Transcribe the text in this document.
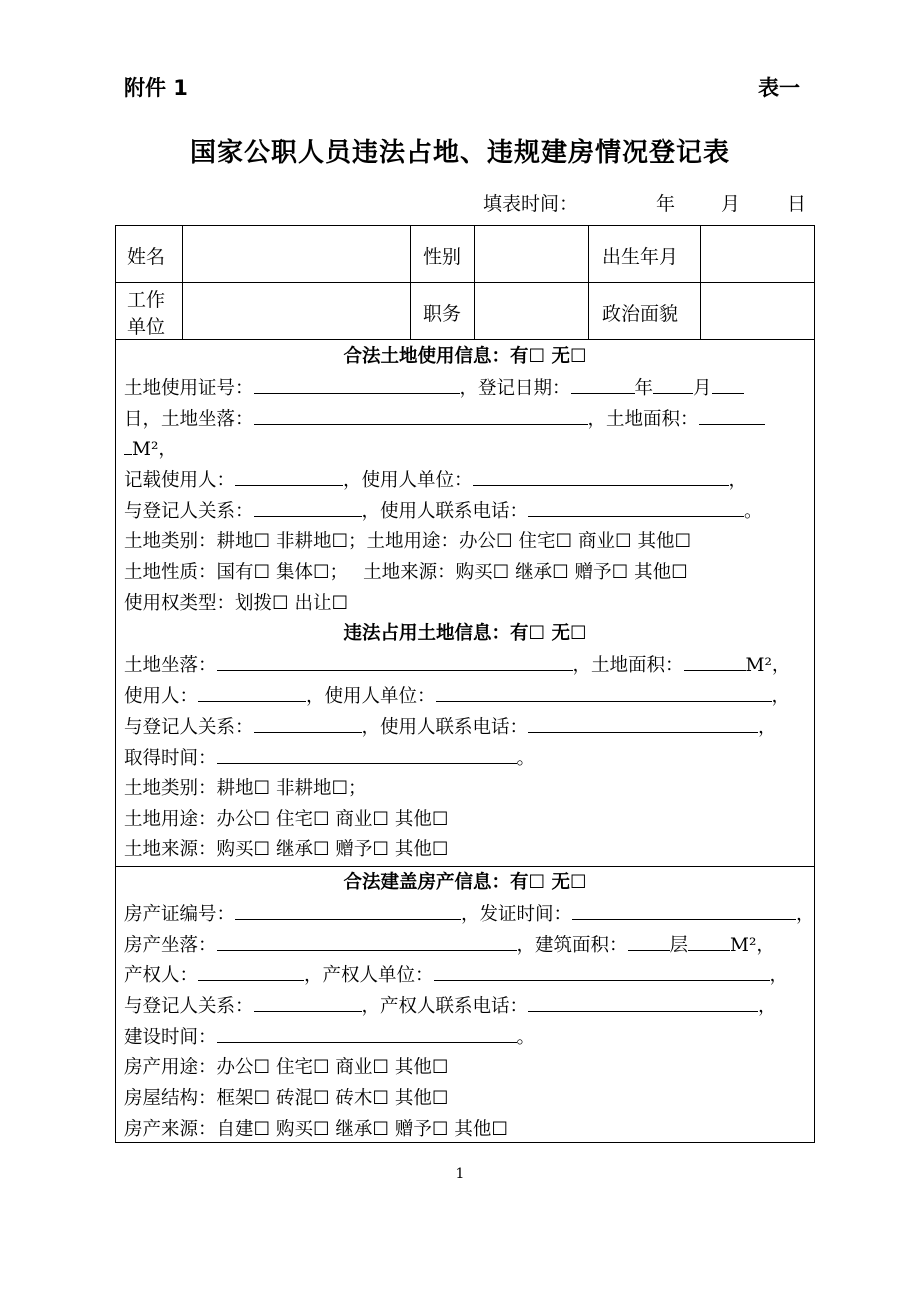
附件 1	表一
国家公职人员违法占地、违规建房情况登记表
填表时间：	年 月 日
姓名	性别	出生年月
工作
单位
职务	政治面貌
合法土地使用信息：有☐ 无☐
土地使用证号：	，登记日期：	年 月
日，土地坐落：	，土地面积：
M²，
记载使用人：	，使用人单位：	，
与登记人关系：	，使用人联系电话：	。
土地类别：耕地☐ 非耕地☐；土地用途：办公☐ 住宅☐ 商业☐ 其他☐
土地性质：国有☐ 集体☐；　 土地来源：购买☐ 继承☐ 赠予☐ 其他☐
使用权类型：划拨☐ 出让☐
违法占用土地信息：有☐ 无☐
土地坐落：	，土地面积：	M²，
使用人：	，使用人单位：	，
与登记人关系：	，使用人联系电话：	，
取得时间：	。
土地类别：耕地☐ 非耕地☐；
土地用途：办公☐ 住宅☐ 商业☐ 其他☐
土地来源：购买☐ 继承☐ 赠予☐ 其他☐
合法建盖房产信息：有☐ 无☐
房产证编号：	，发证时间：	，
房产坐落：	，建筑面积： 层 M²，
产权人：	，产权人单位：	，
与登记人关系：	，产权人联系电话：	，
建设时间：	。
房产用途：办公☐ 住宅☐ 商业☐ 其他☐
房屋结构：框架☐ 砖混☐ 砖木☐ 其他☐
房产来源：自建☐ 购买☐ 继承☐ 赠予☐ 其他☐
1
